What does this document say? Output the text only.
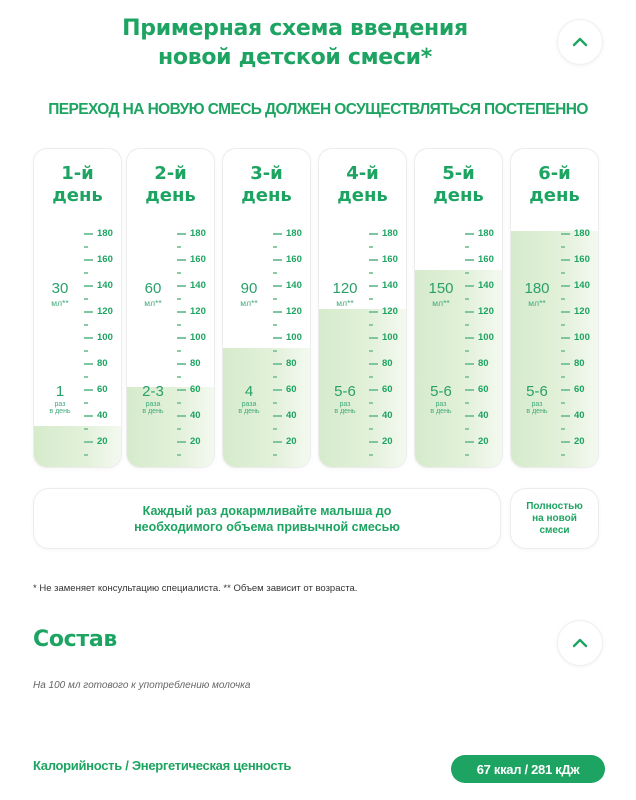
Примерная схема введения
новой детской смеси*
ПЕРЕХОД НА НОВУЮ СМЕСЬ ДОЛЖЕН ОСУЩЕСТВЛЯТЬСЯ ПОСТЕПЕННО
1-й
день
30
мл**
1
раз
в день
180
160
140
120
100
80
60
40
20
2-й
день
60
мл**
2-3
раза
в день
180
160
140
120
100
80
60
40
20
3-й
день
90
мл**
4
раза
в день
180
160
140
120
100
80
60
40
20
4-й
день
120
мл**
5-6
раз
в день
180
160
140
120
100
80
60
40
20
5-й
день
150
мл**
5-6
раз
в день
180
160
140
120
100
80
60
40
20
6-й
день
180
мл**
5-6
раз
в день
180
160
140
120
100
80
60
40
20
Каждый раз докармливайте малыша до
необходимого объема привычной смесью
Полностью
на новой
смеси
* Не заменяет консультацию специалиста. ** Объем зависит от возраста.
Состав
На 100 мл готового к употреблению молочка
Калорийность / Энергетическая ценность	67 ккал / 281 кДж
